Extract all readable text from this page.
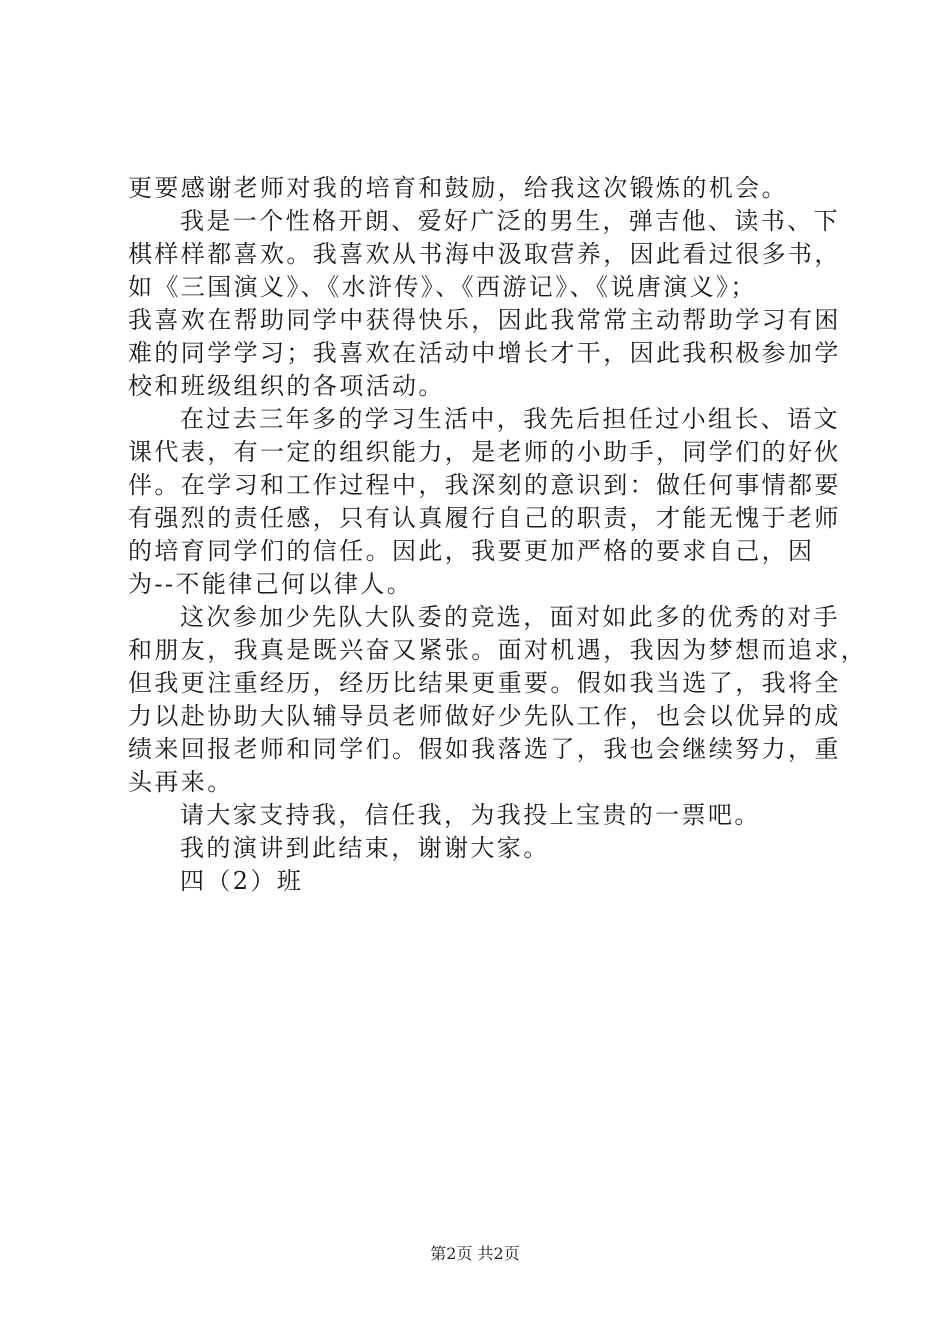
更要感谢老师对我的培育和鼓励，给我这次锻炼的机会。
我是一个性格开朗、爱好广泛的男生，弹吉他、读书、下
棋样样都喜欢。我喜欢从书海中汲取营养，因此看过很多书，
如《三国演义》、《水浒传》、《西游记》、《说唐演义》；
我喜欢在帮助同学中获得快乐，因此我常常主动帮助学习有困
难的同学学习；我喜欢在活动中增长才干，因此我积极参加学
校和班级组织的各项活动。
在过去三年多的学习生活中，我先后担任过小组长、语文
课代表，有一定的组织能力，是老师的小助手，同学们的好伙
伴。在学习和工作过程中，我深刻的意识到：做任何事情都要
有强烈的责任感，只有认真履行自己的职责，才能无愧于老师
的培育同学们的信任。因此，我要更加严格的要求自己，因
为--不能律己何以律人。
这次参加少先队大队委的竞选，面对如此多的优秀的对手
和朋友，我真是既兴奋又紧张。面对机遇，我因为梦想而追求，
但我更注重经历，经历比结果更重要。假如我当选了，我将全
力以赴协助大队辅导员老师做好少先队工作，也会以优异的成
绩来回报老师和同学们。假如我落选了，我也会继续努力，重
头再来。
请大家支持我，信任我，为我投上宝贵的一票吧。
我的演讲到此结束，谢谢大家。
四（2）班
第2页 共2页
